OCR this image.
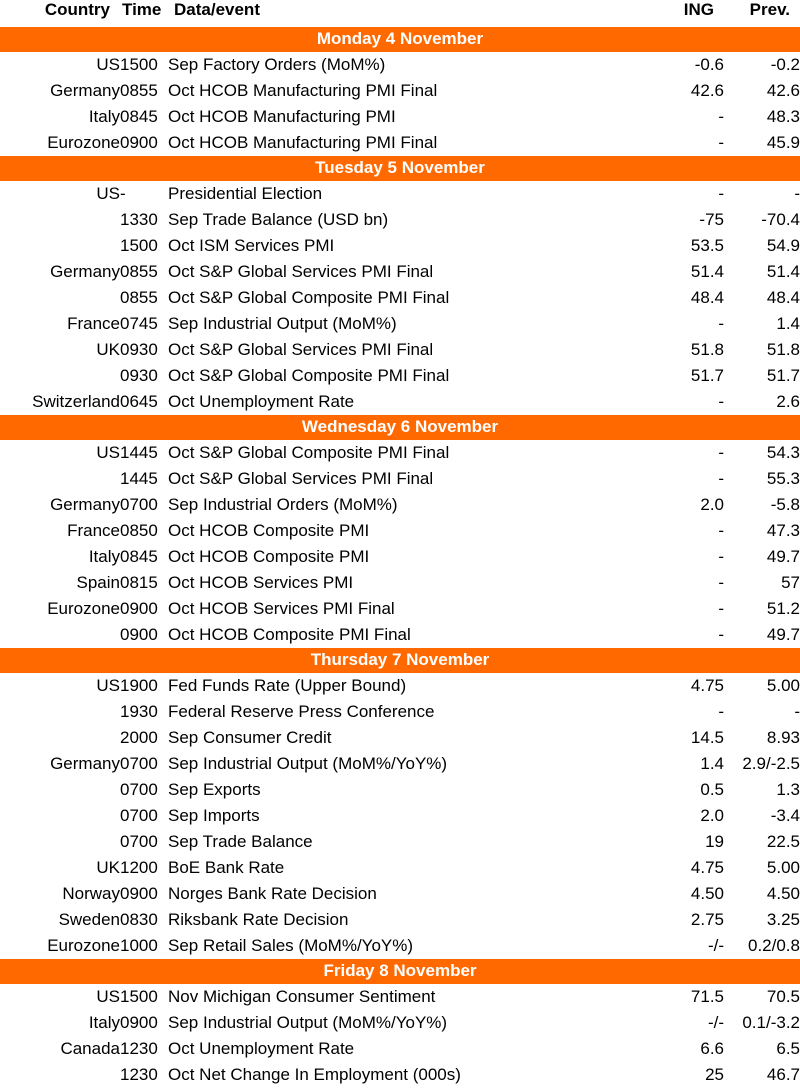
Country	Time	Data/event	ING	Prev.
Monday 4 November				
US	1500	Sep Factory Orders (MoM%)	-0.6	-0.2
Germany	0855	Oct HCOB Manufacturing PMI Final	42.6	42.6
Italy	0845	Oct HCOB Manufacturing PMI	-	48.3
Eurozone	0900	Oct HCOB Manufacturing PMI Final	-	45.9
Tuesday 5 November				
US	-	Presidential Election	-	-
	1330	Sep Trade Balance (USD bn)	-75	-70.4
	1500	Oct ISM Services PMI	53.5	54.9
Germany	0855	Oct S&P Global Services PMI Final	51.4	51.4
	0855	Oct S&P Global Composite PMI Final	48.4	48.4
France	0745	Sep Industrial Output (MoM%)	-	1.4
UK	0930	Oct S&P Global Services PMI Final	51.8	51.8
	0930	Oct S&P Global Composite PMI Final	51.7	51.7
Switzerland	0645	Oct Unemployment Rate	-	2.6
Wednesday 6 November				
US	1445	Oct S&P Global Composite PMI Final	-	54.3
	1445	Oct S&P Global Services PMI Final	-	55.3
Germany	0700	Sep Industrial Orders (MoM%)	2.0	-5.8
France	0850	Oct HCOB Composite PMI	-	47.3
Italy	0845	Oct HCOB Composite PMI	-	49.7
Spain	0815	Oct HCOB Services PMI	-	57
Eurozone	0900	Oct HCOB Services PMI Final	-	51.2
	0900	Oct HCOB Composite PMI Final	-	49.7
Thursday 7 November				
US	1900	Fed Funds Rate (Upper Bound)	4.75	5.00
	1930	Federal Reserve Press Conference	-	-
	2000	Sep Consumer Credit	14.5	8.93
Germany	0700	Sep Industrial Output (MoM%/YoY%)	1.4	2.9/-2.5
	0700	Sep Exports	0.5	1.3
	0700	Sep Imports	2.0	-3.4
	0700	Sep Trade Balance	19	22.5
UK	1200	BoE Bank Rate	4.75	5.00
Norway	0900	Norges Bank Rate Decision	4.50	4.50
Sweden	0830	Riksbank Rate Decision	2.75	3.25
Eurozone	1000	Sep Retail Sales (MoM%/YoY%)	-/-	0.2/0.8
Friday 8 November				
US	1500	Nov Michigan Consumer Sentiment	71.5	70.5
Italy	0900	Sep Industrial Output (MoM%/YoY%)	-/-	0.1/-3.2
Canada	1230	Oct Unemployment Rate	6.6	6.5
	1230	Oct Net Change In Employment (000s)	25	46.7
